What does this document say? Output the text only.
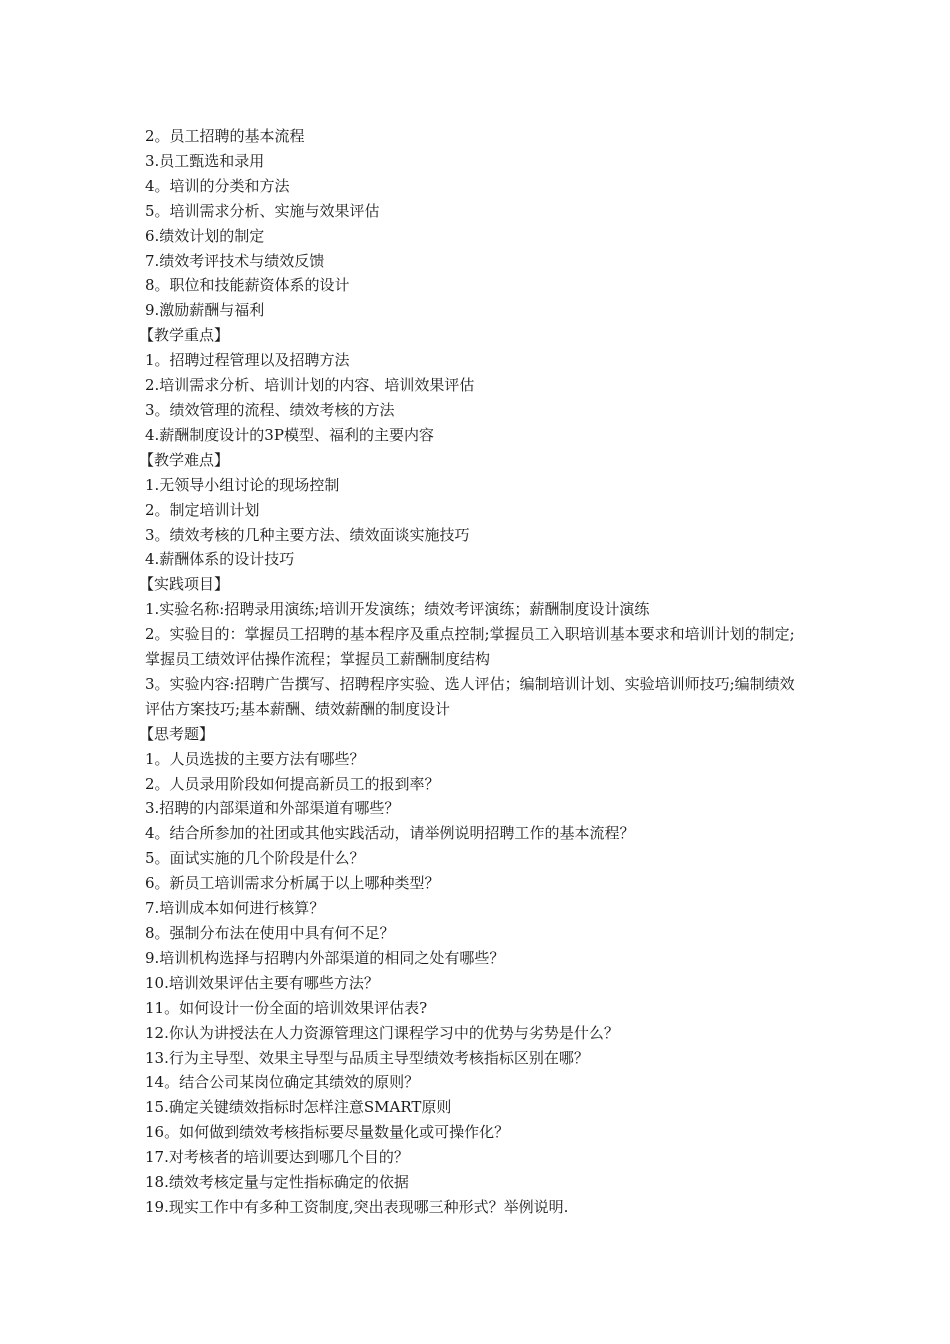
2。员工招聘的基本流程
3.员工甄选和录用
4。培训的分类和方法
5。培训需求分析、实施与效果评估
6.绩效计划的制定
7.绩效考评技术与绩效反馈
8。职位和技能薪资体系的设计
9.激励薪酬与福利
【教学重点】
1。招聘过程管理以及招聘方法
2.培训需求分析、培训计划的内容、培训效果评估
3。绩效管理的流程、绩效考核的方法
4.薪酬制度设计的3P模型、福利的主要内容
【教学难点】
1.无领导小组讨论的现场控制
2。制定培训计划
3。绩效考核的几种主要方法、绩效面谈实施技巧
4.薪酬体系的设计技巧
【实践项目】
1.实验名称:招聘录用演练;培训开发演练；绩效考评演练；薪酬制度设计演练
2。实验目的：掌握员工招聘的基本程序及重点控制;掌握员工入职培训基本要求和培训计划的制定;掌握员工绩效评估操作流程；掌握员工薪酬制度结构
3。实验内容:招聘广告撰写、招聘程序实验、选人评估；编制培训计划、实验培训师技巧;编制绩效评估方案技巧;基本薪酬、绩效薪酬的制度设计
【思考题】
1。人员选拔的主要方法有哪些？
2。人员录用阶段如何提高新员工的报到率？
3.招聘的内部渠道和外部渠道有哪些？
4。结合所参加的社团或其他实践活动，请举例说明招聘工作的基本流程？
5。面试实施的几个阶段是什么？
6。新员工培训需求分析属于以上哪种类型？
7.培训成本如何进行核算？
8。强制分布法在使用中具有何不足？
9.培训机构选择与招聘内外部渠道的相同之处有哪些？
10.培训效果评估主要有哪些方法？
11。如何设计一份全面的培训效果评估表?
12.你认为讲授法在人力资源管理这门课程学习中的优势与劣势是什么？
13.行为主导型、效果主导型与品质主导型绩效考核指标区别在哪？
14。结合公司某岗位确定其绩效的原则？
15.确定关键绩效指标时怎样注意SMART原则
16。如何做到绩效考核指标要尽量数量化或可操作化？
17.对考核者的培训要达到哪几个目的？
18.绩效考核定量与定性指标确定的依据
19.现实工作中有多种工资制度,突出表现哪三种形式？举例说明.
